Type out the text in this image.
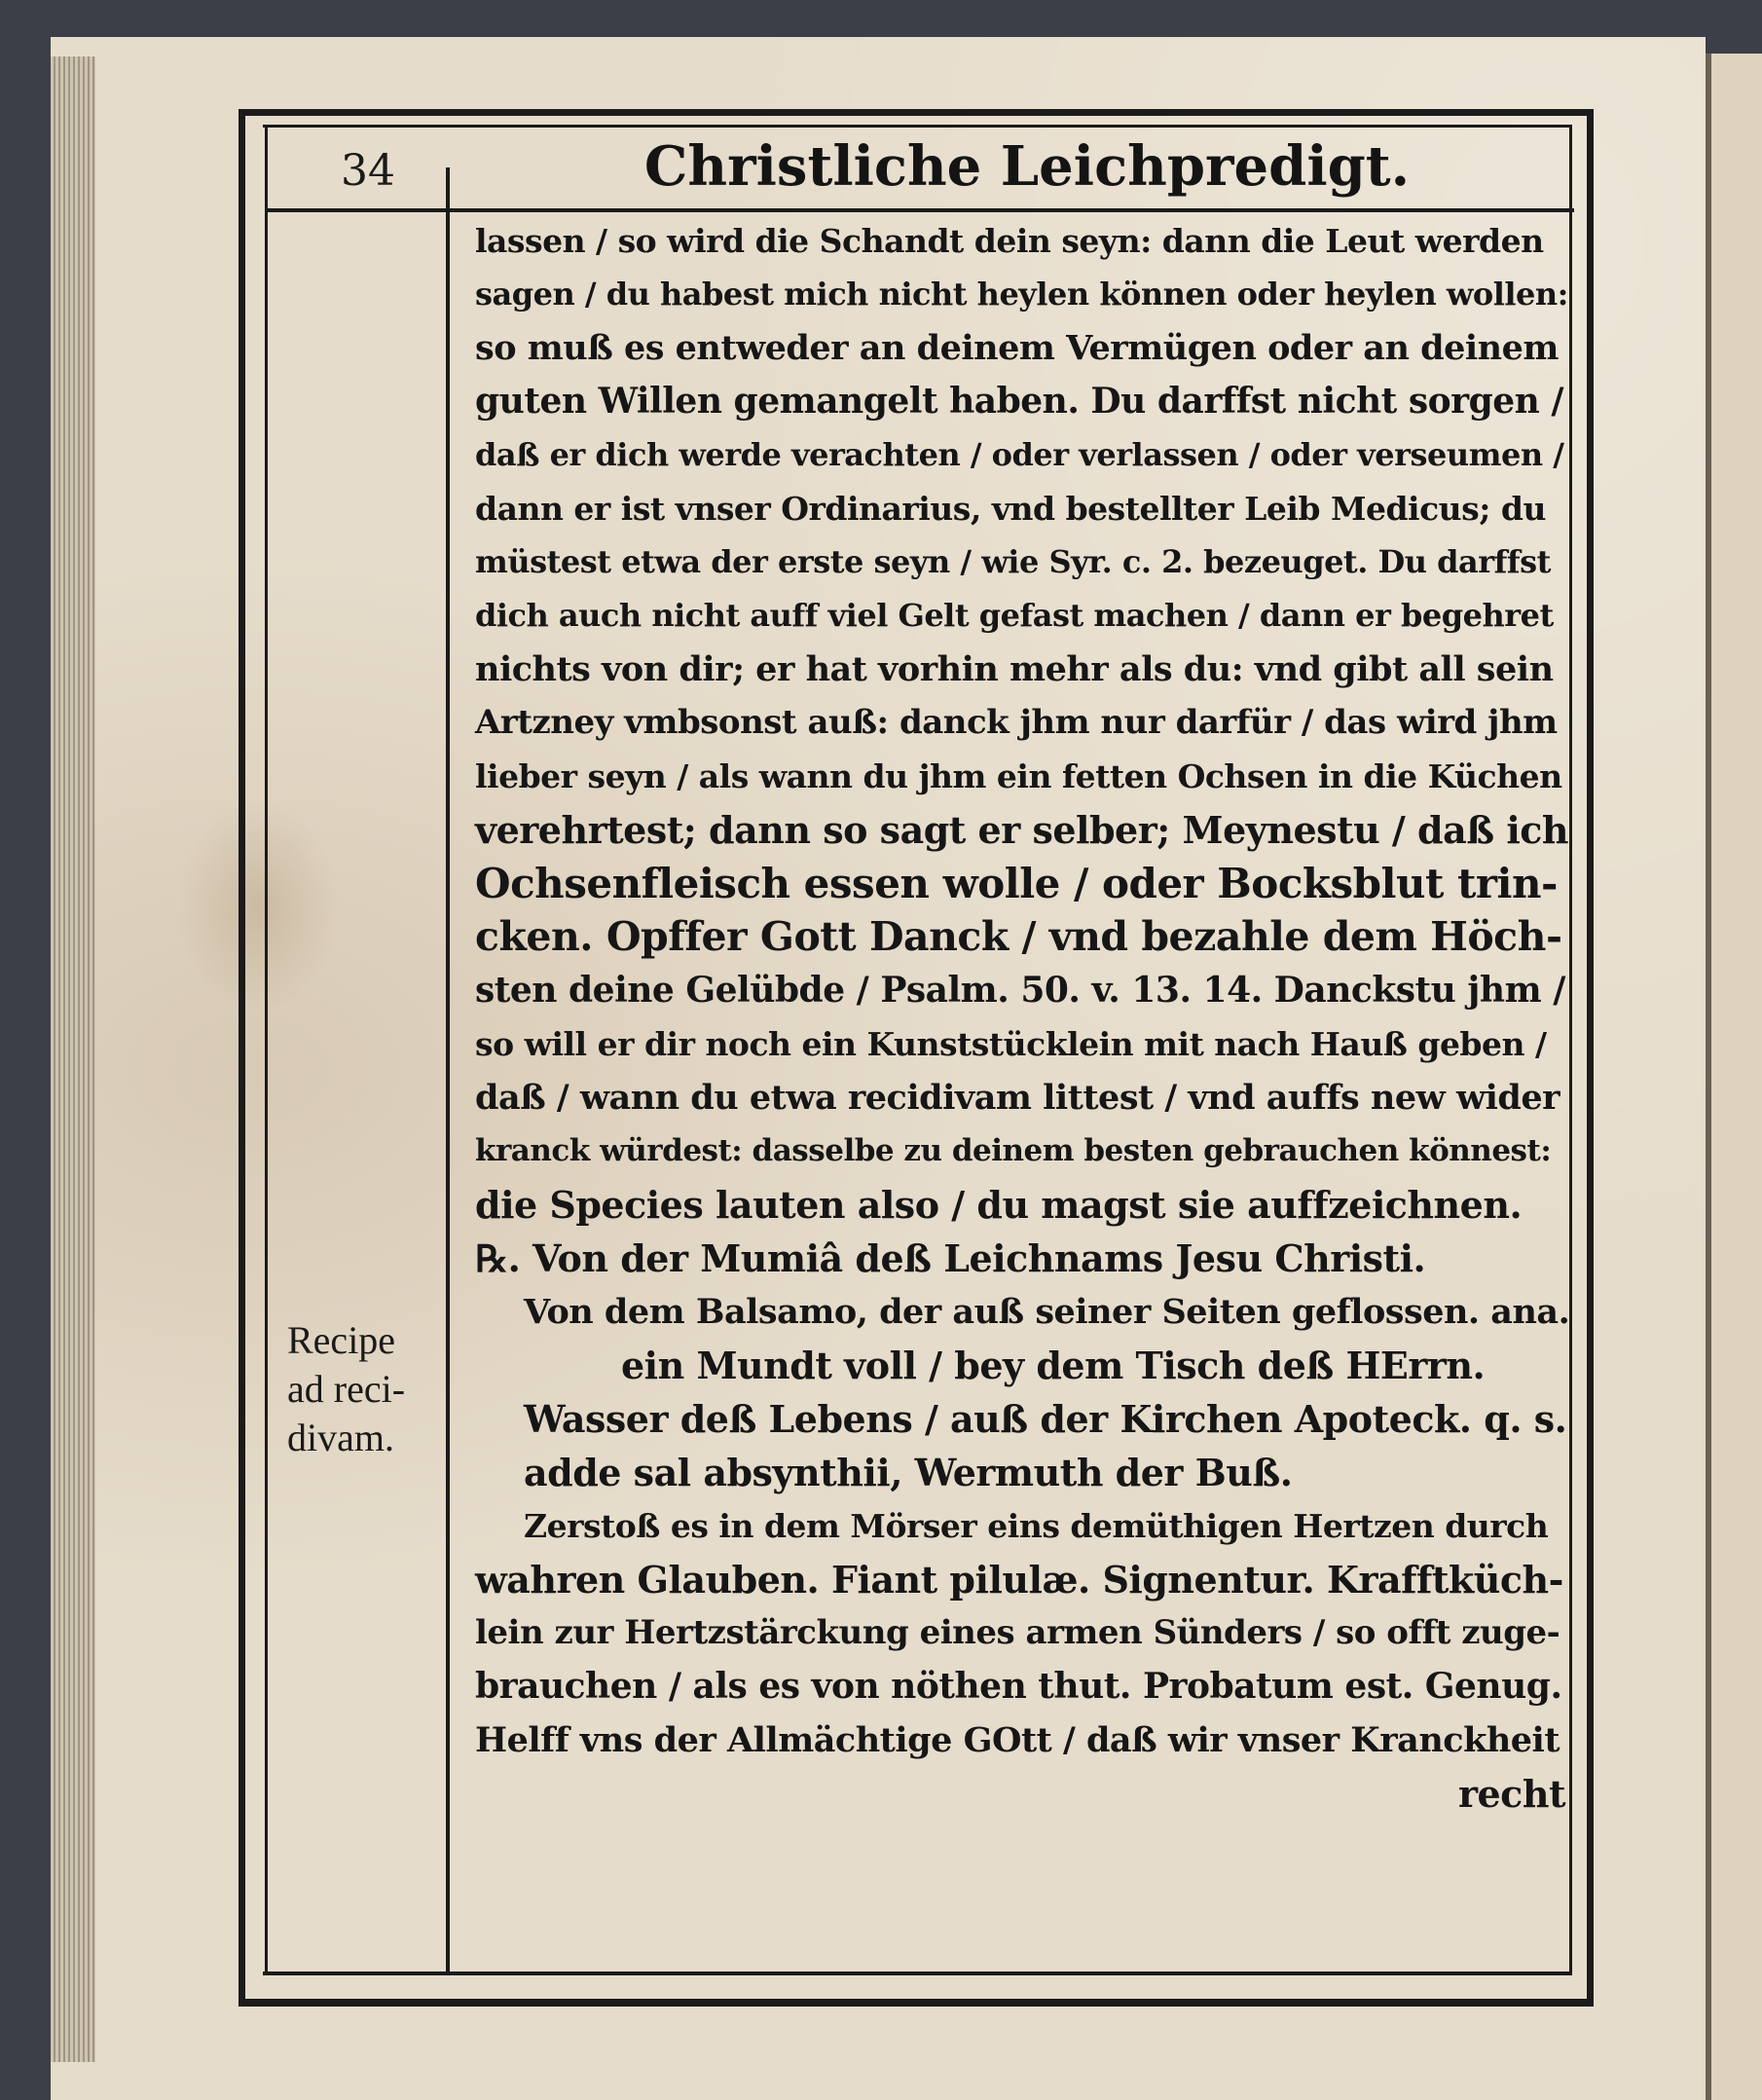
34	Christliche Leichpredigt.
Recipe
ad reci-
divam.
lassen / so wird die Schandt dein seyn: dann die Leut werden
sagen / du habest mich nicht heylen können oder heylen wollen:
so muß es entweder an deinem Vermügen oder an deinem
guten Willen gemangelt haben. Du darffst nicht sorgen /
daß er dich werde verachten / oder verlassen / oder verseumen /
dann er ist vnser Ordinarius, vnd bestellter Leib Medicus; du
müstest etwa der erste seyn / wie Syr. c. 2. bezeuget. Du darffst
dich auch nicht auff viel Gelt gefast machen / dann er begehret
nichts von dir; er hat vorhin mehr als du: vnd gibt all sein
Artzney vmbsonst auß: danck jhm nur darfür / das wird jhm
lieber seyn / als wann du jhm ein fetten Ochsen in die Küchen
verehrtest; dann so sagt er selber; Meynestu / daß ich
Ochsenfleisch essen wolle / oder Bocksblut trin-
cken. Opffer Gott Danck / vnd bezahle dem Höch-
sten deine Gelübde / Psalm. 50. v. 13. 14. Danckstu jhm /
so will er dir noch ein Kunststücklein mit nach Hauß geben /
daß / wann du etwa recidivam littest / vnd auffs new wider
kranck würdest: dasselbe zu deinem besten gebrauchen könnest:
die Species lauten also / du magst sie auffzeichnen.
℞. Von der Mumiâ deß Leichnams Jesu Christi.
Von dem Balsamo, der auß seiner Seiten geflossen. ana.
ein Mundt voll / bey dem Tisch deß HErrn.
Wasser deß Lebens / auß der Kirchen Apoteck. q. s.
adde sal absynthii, Wermuth der Buß.
Zerstoß es in dem Mörser eins demüthigen Hertzen durch
wahren Glauben. Fiant pilulæ. Signentur. Krafftküch-
lein zur Hertzstärckung eines armen Sünders / so offt zuge-
brauchen / als es von nöthen thut. Probatum est. Genug.
Helff vns der Allmächtige GOtt / daß wir vnser Kranckheit
recht
